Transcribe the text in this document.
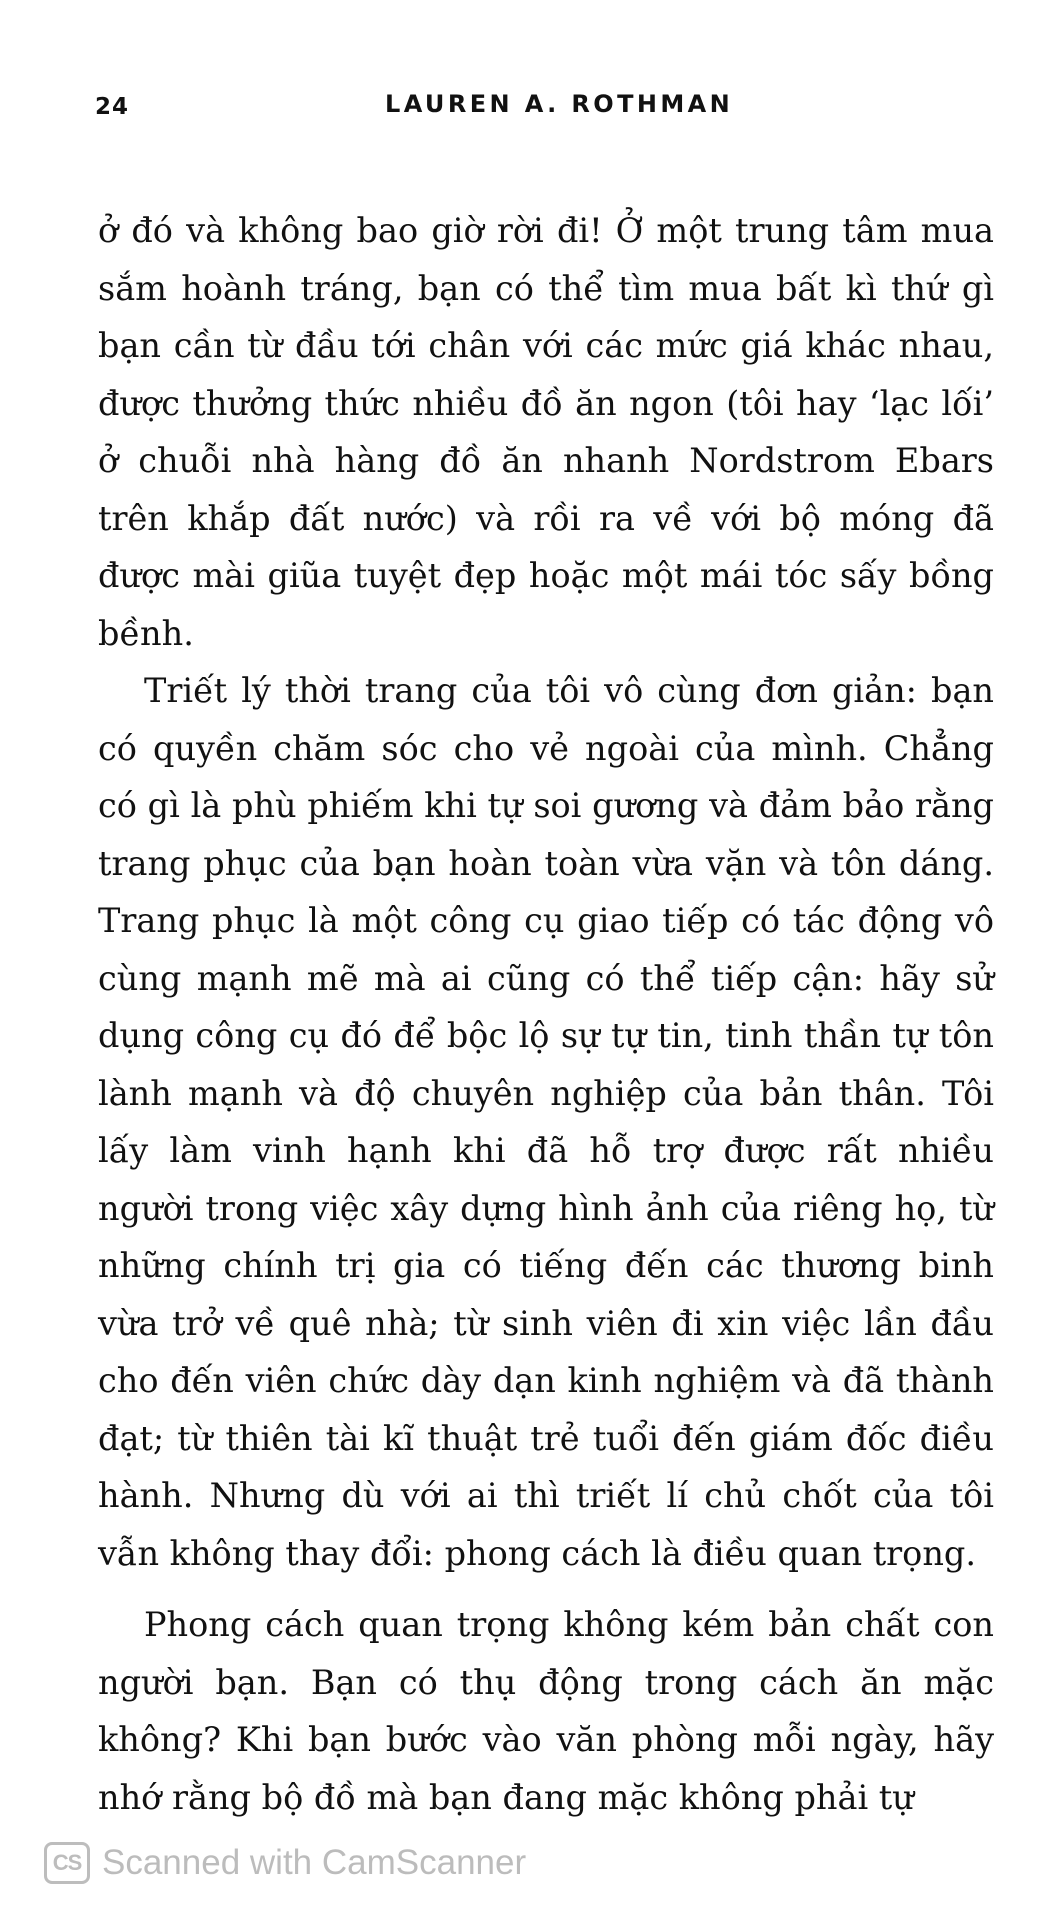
24	LAUREN A. ROTHMAN

ở đó và không bao giờ rời đi! Ở một trung tâm mua sắm hoành tráng, bạn có thể tìm mua bất kì thứ gì bạn cần từ đầu tới chân với các mức giá khác nhau, được thưởng thức nhiều đồ ăn ngon (tôi hay ‘lạc lối’ ở chuỗi nhà hàng đồ ăn nhanh Nordstrom Ebars trên khắp đất nước) và rồi ra về với bộ móng đã được mài giũa tuyệt đẹp hoặc một mái tóc sấy bồng bềnh.

Triết lý thời trang của tôi vô cùng đơn giản: bạn có quyền chăm sóc cho vẻ ngoài của mình. Chẳng có gì là phù phiếm khi tự soi gương và đảm bảo rằng trang phục của bạn hoàn toàn vừa vặn và tôn dáng. Trang phục là một công cụ giao tiếp có tác động vô cùng mạnh mẽ mà ai cũng có thể tiếp cận: hãy sử dụng công cụ đó để bộc lộ sự tự tin, tinh thần tự tôn lành mạnh và độ chuyên nghiệp của bản thân. Tôi lấy làm vinh hạnh khi đã hỗ trợ được rất nhiều người trong việc xây dựng hình ảnh của riêng họ, từ những chính trị gia có tiếng đến các thương binh vừa trở về quê nhà; từ sinh viên đi xin việc lần đầu cho đến viên chức dày dạn kinh nghiệm và đã thành đạt; từ thiên tài kĩ thuật trẻ tuổi đến giám đốc điều hành. Nhưng dù với ai thì triết lí chủ chốt của tôi vẫn không thay đổi: phong cách là điều quan trọng.

Phong cách quan trọng không kém bản chất con người bạn. Bạn có thụ động trong cách ăn mặc không? Khi bạn bước vào văn phòng mỗi ngày, hãy nhớ rằng bộ đồ mà bạn đang mặc không phải tự

CS Scanned with CamScanner
